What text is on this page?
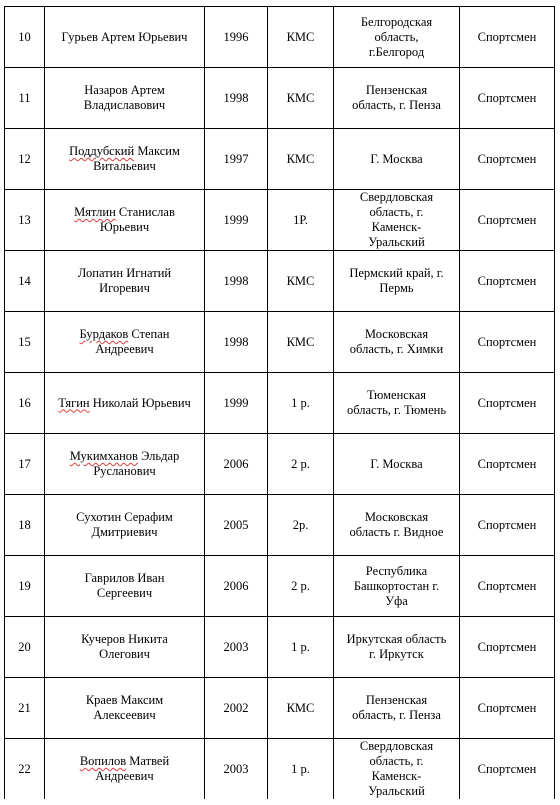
10	Гурьев Артем Юрьевич	1996	КМС	Белгородская
область,
г.Белгород	Спортсмен
11	Назаров Артем
Владиславович	1998	КМС	Пензенская
область, г. Пенза	Спортсмен
12	Поддубский Максим
Витальевич	1997	КМС	Г. Москва	Спортсмен
13	Мятлин Станислав
Юрьевич	1999	1Р.	Свердловская
область, г.
Каменск-
Уральский	Спортсмен
14	Лопатин Игнатий
Игоревич	1998	КМС	Пермский край, г.
Пермь	Спортсмен
15	Бурдаков Степан
Андреевич	1998	КМС	Московская
область, г. Химки	Спортсмен
16	Тягин Николай Юрьевич	1999	1 р.	Тюменская
область, г. Тюмень	Спортсмен
17	Мукимханов Эльдар
Русланович	2006	2 р.	Г. Москва	Спортсмен
18	Сухотин Серафим
Дмитриевич	2005	2р.	Московская
область г. Видное	Спортсмен
19	Гаврилов Иван
Сергеевич	2006	2 р.	Республика
Башкортостан г.
Уфа	Спортсмен
20	Кучеров Никита
Олегович	2003	1 р.	Иркутская область
г. Иркутск	Спортсмен
21	Краев Максим
Алексеевич	2002	КМС	Пензенская
область, г. Пенза	Спортсмен
22	Вопилов Матвей
Андреевич	2003	1 р.	Свердловская
область, г.
Каменск-
Уральский	Спортсмен
